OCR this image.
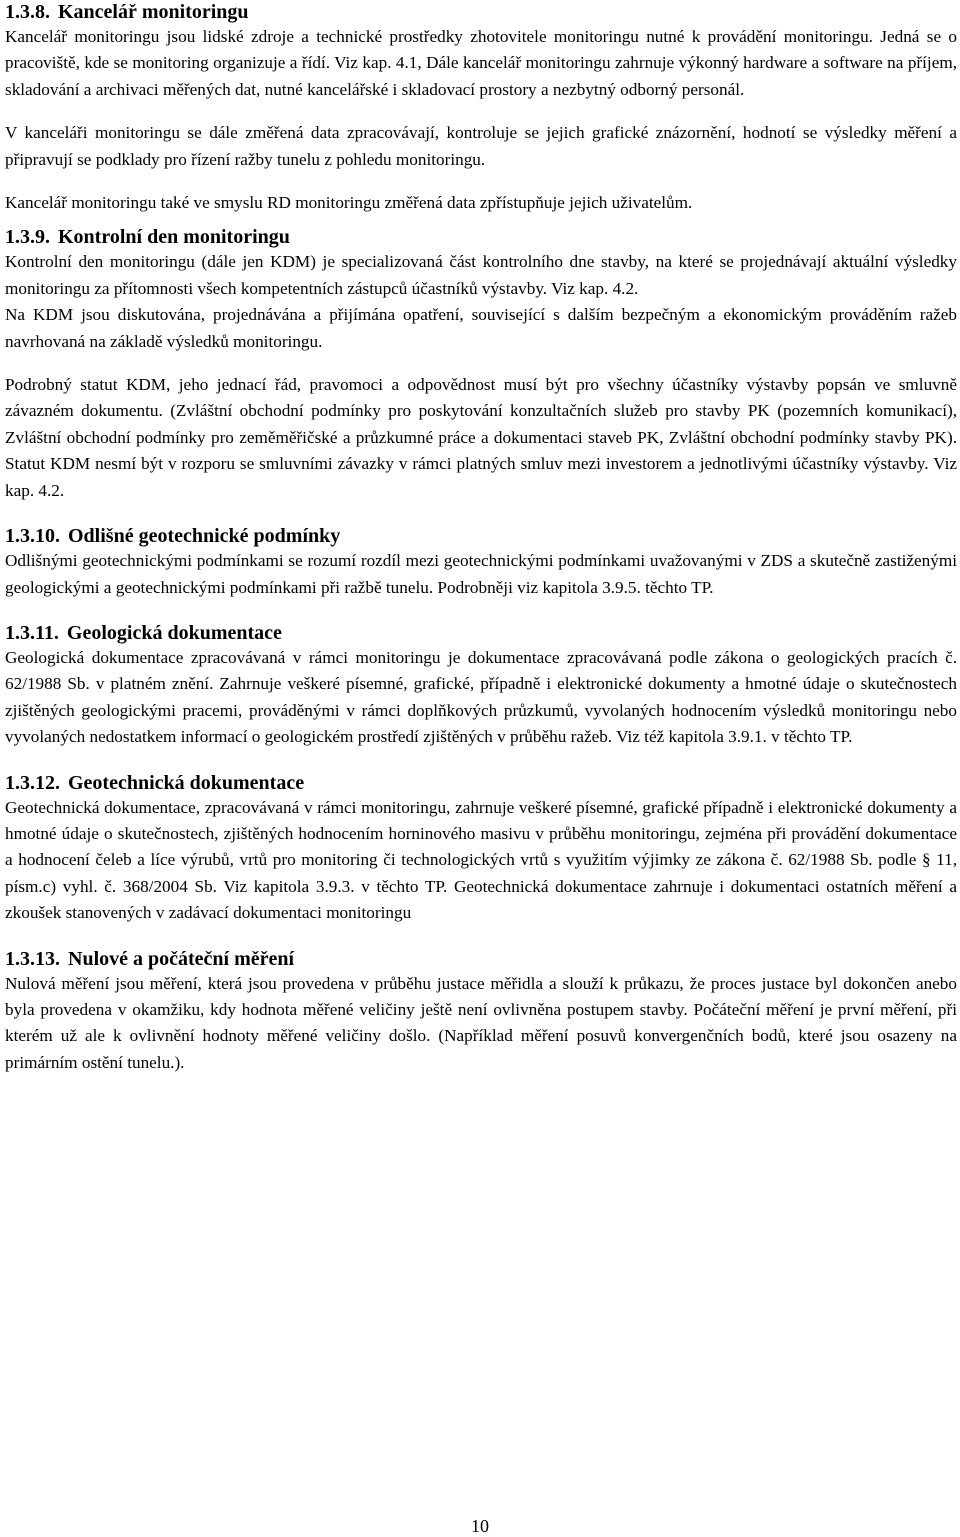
1.3.8. Kancelář monitoringu

Kancelář monitoringu jsou lidské zdroje a technické prostředky zhotovitele monitoringu nutné k provádění monitoringu. Jedná se o pracoviště, kde se monitoring organizuje a řídí. Viz kap. 4.1, Dále kancelář monitoringu zahrnuje výkonný hardware a software na příjem, skladování a archivaci měřených dat, nutné kancelářské i skladovací prostory a nezbytný odborný personál.

V kanceláři monitoringu se dále změřená data zpracovávají, kontroluje se jejich grafické znázornění, hodnotí se výsledky měření a připravují se podklady pro řízení ražby tunelu z pohledu monitoringu.

Kancelář monitoringu také ve smyslu RD monitoringu změřená data zpřístupňuje jejich uživatelům.

1.3.9. Kontrolní den monitoringu

Kontrolní den monitoringu (dále jen KDM) je specializovaná část kontrolního dne stavby, na které se projednávají aktuální výsledky monitoringu za přítomnosti všech kompetentních zástupců účastníků výstavby. Viz kap. 4.2.

Na KDM jsou diskutována, projednávána a přijímána opatření, související s dalším bezpečným a ekonomickým prováděním ražeb navrhovaná na základě výsledků monitoringu.

Podrobný statut KDM, jeho jednací řád, pravomoci a odpovědnost musí být pro všechny účastníky výstavby popsán ve smluvně závazném dokumentu. (Zvláštní obchodní podmínky pro poskytování konzultačních služeb pro stavby PK (pozemních komunikací), Zvláštní obchodní podmínky pro zeměměřičské a průzkumné práce a dokumentaci staveb PK, Zvláštní obchodní podmínky stavby PK). Statut KDM nesmí být v rozporu se smluvními závazky v rámci platných smluv mezi investorem a jednotlivými účastníky výstavby. Viz kap. 4.2.

1.3.10. Odlišné geotechnické podmínky

Odlišnými geotechnickými podmínkami se rozumí rozdíl mezi geotechnickými podmínkami uvažovanými v ZDS a skutečně zastiženými geologickými a geotechnickými podmínkami při ražbě tunelu. Podrobněji viz kapitola 3.9.5. těchto TP.

1.3.11. Geologická dokumentace

Geologická dokumentace zpracovávaná v rámci monitoringu je dokumentace zpracovávaná podle zákona o geologických pracích č. 62/1988 Sb. v platném znění. Zahrnuje veškeré písemné, grafické, případně i elektronické dokumenty a hmotné údaje o skutečnostech zjištěných geologickými pracemi, prováděnými v rámci doplňkových průzkumů, vyvolaných hodnocením výsledků monitoringu nebo vyvolaných nedostatkem informací o geologickém prostředí zjištěných v průběhu ražeb. Viz též kapitola 3.9.1. v těchto TP.

1.3.12. Geotechnická dokumentace

Geotechnická dokumentace, zpracovávaná v rámci monitoringu, zahrnuje veškeré písemné, grafické případně i elektronické dokumenty a hmotné údaje o skutečnostech, zjištěných hodnocením horninového masivu v průběhu monitoringu, zejména při provádění dokumentace a hodnocení čeleb a líce výrubů, vrtů pro monitoring či technologických vrtů s využitím výjimky ze zákona č. 62/1988 Sb. podle § 11, písm.c) vyhl. č. 368/2004 Sb. Viz kapitola 3.9.3. v těchto TP. Geotechnická dokumentace zahrnuje i dokumentaci ostatních měření a zkoušek stanovených v zadávací dokumentaci monitoringu

1.3.13. Nulové a počáteční měření

Nulová měření jsou měření, která jsou provedena v průběhu justace měřidla a slouží k průkazu, že proces justace byl dokončen anebo byla provedena v okamžiku, kdy hodnota měřené veličiny ještě není ovlivněna postupem stavby. Počáteční měření je první měření, při kterém už ale k ovlivnění hodnoty měřené veličiny došlo. (Například měření posuvů konvergenčních bodů, které jsou osazeny na primárním ostění tunelu.).

10
